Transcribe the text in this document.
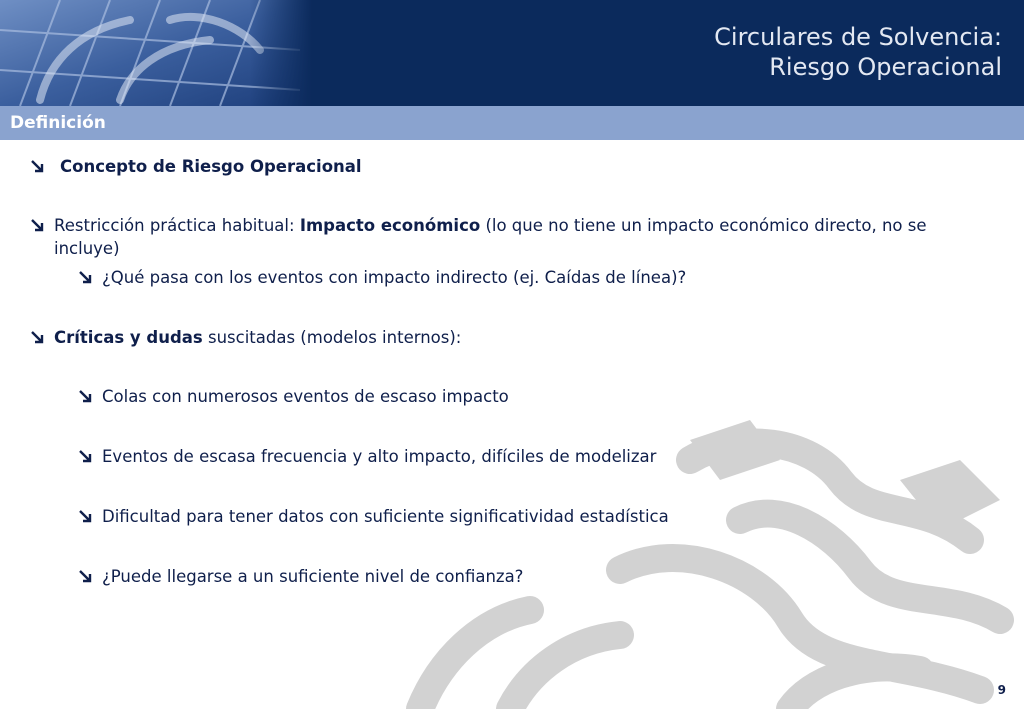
Circulares de Solvencia:
Riesgo Operacional
Definición
Concepto de Riesgo Operacional
Restricción práctica habitual: Impacto económico (lo que no tiene un impacto económico directo, no se incluye)
¿Qué pasa con los eventos con impacto indirecto (ej. Caídas de línea)?
Críticas y dudas suscitadas (modelos internos):
Colas con numerosos eventos de escaso impacto
Eventos de escasa frecuencia y alto impacto, difíciles de modelizar
Dificultad para tener datos con suficiente significatividad estadística
¿Puede llegarse a un suficiente nivel de confianza?
9
